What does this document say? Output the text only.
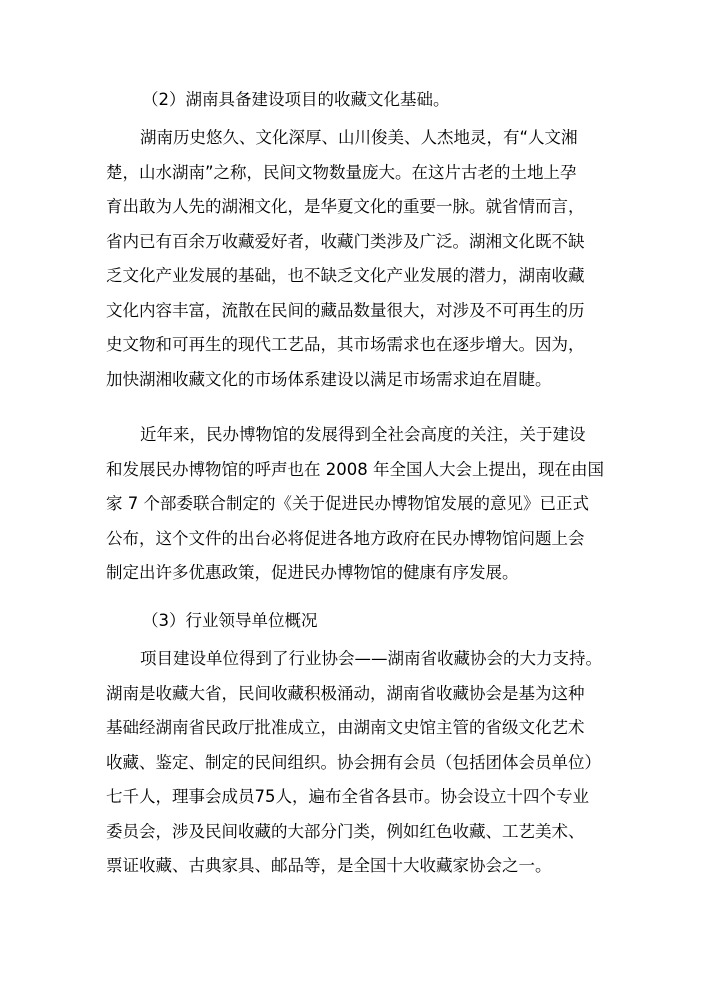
（2）湖南具备建设项目的收藏文化基础。
湖南历史悠久、文化深厚、山川俊美、人杰地灵，有“人文湘
楚，山水湖南”之称，民间文物数量庞大。在这片古老的土地上孕
育出敢为人先的湖湘文化，是华夏文化的重要一脉。就省情而言，
省内已有百余万收藏爱好者，收藏门类涉及广泛。湖湘文化既不缺
乏文化产业发展的基础，也不缺乏文化产业发展的潜力，湖南收藏
文化内容丰富，流散在民间的藏品数量很大，对涉及不可再生的历
史文物和可再生的现代工艺品，其市场需求也在逐步增大。因为，
加快湖湘收藏文化的市场体系建设以满足市场需求迫在眉睫。
近年来，民办博物馆的发展得到全社会高度的关注，关于建设
和发展民办博物馆的呼声也在 2008 年全国人大会上提出，现在由国
家 7 个部委联合制定的《关于促进民办博物馆发展的意见》已正式
公布，这个文件的出台必将促进各地方政府在民办博物馆问题上会
制定出许多优惠政策，促进民办博物馆的健康有序发展。
（3）行业领导单位概况
项目建设单位得到了行业协会——湖南省收藏协会的大力支持。
湖南是收藏大省，民间收藏积极涌动，湖南省收藏协会是基为这种
基础经湖南省民政厅批准成立，由湖南文史馆主管的省级文化艺术
收藏、鉴定、制定的民间组织。协会拥有会员（包括团体会员单位）
七千人，理事会成员75人，遍布全省各县市。协会设立十四个专业
委员会，涉及民间收藏的大部分门类，例如红色收藏、工艺美术、
票证收藏、古典家具、邮品等，是全国十大收藏家协会之一。
